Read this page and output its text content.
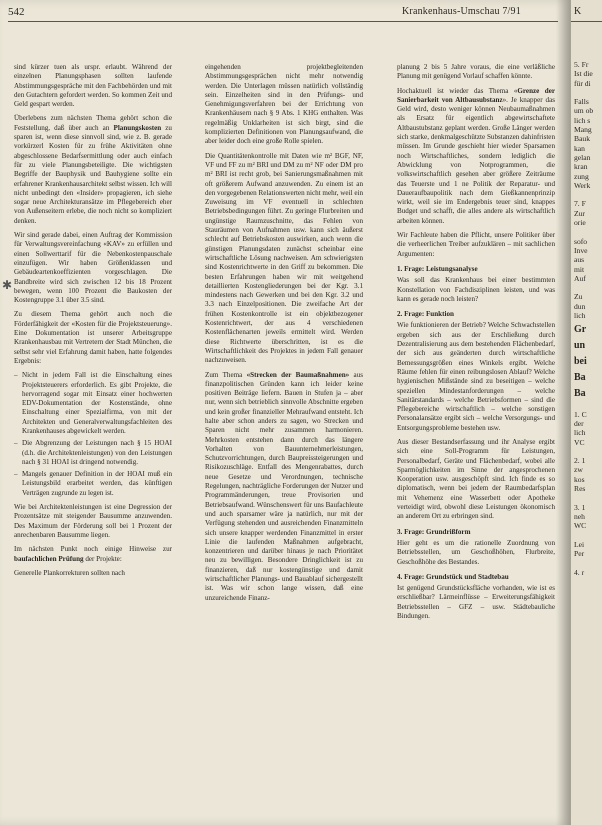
542	Krankenhaus-Umschau 7/91
✱

sind kürzer tuen als urspr. erlaubt. Während der einzelnen Planungsphasen sollten laufende Abstimmungsgespräche mit den Fachbehörden und mit den Gutachtern gefordert werden. So kommen Zeit und Geld gespart werden.

Überlebens zum nächsten Thema gehört schon die Feststellung, daß über auch an Planungskosten zu sparen ist, wenn diese sinnvoll sind, wie z. B. gerade vorkürzerl Kosten für zu frühe Aktivitäten ohne abgeschlossene Bedarfsermittlung oder auch einfach für zu viele Planungsbeteiligte. Die wichtigsten Begriffe der Bauphysik und Bauhygiene sollte ein erfahrener Krankenhausarchitekt selbst wissen. Ich will nicht unbedingt den «Insider» propagieren, ich siehe sogar neue Architekturansätze im Pflegebereich eher von Außenseitern erlebe, die noch nicht so kompliziert denken.

Wir sind gerade dabei, einen Auftrag der Kommission für Verwaltungsvereinfachung «KAV» zu erfüllen und einen Sollwerttarif für die Nebenkostenpauschale einzufügen. Wir haben Größenklassen und Gebäudeartenkoeffizienten vorgeschlagen. Die Bandbreite wird sich zwischen 12 bis 18 Prozent bewegen, wenn 100 Prozent die Baukosten der Kostengruppe 3.1 über 3.5 sind.

Zu diesem Thema gehört auch noch die Förderfähigkeit der «Kosten für die Projektsteuerung». Eine Dokumentation ist unserer Arbeitsgruppe Krankenhausbau mit Vertretern der Stadt München, die selbst sehr viel Erfahrung damit haben, hatte folgendes Ergebnis:

– Nicht in jedem Fall ist die Einschaltung eines Projektsteuerers erforderlich. Es gibt Projekte, die hervorragend sogar mit Einsatz einer hochwerten EDV-Dokumentation der Kostenstände, ohne Einschaltung einer Spezialfirma, von mit der Architekten und Generalverwaltungsfachleiten des Krankenhauses abgewickelt werden.
– Die Abgrenzung der Leistungen nach § 15 HOAI (d.h. die Architektenleistungen) von den Leistungen nach § 31 HOAI ist dringend notwendig.
– Mangels genauer Definition in der HOAI muß ein Leistungsbild erarbeitet werden, das künftigen Verträgen zugrunde zu legen ist.

Wie bei Architektenleistungen ist eine Degression der Prozentsätze mit steigender Bausumme anzuwenden. Des Maximum der Förderung soll bei 1 Prozent der anrechenbaren Bausumme liegen.

Im nächsten Punkt noch einige Hinweise zur baufachlichen Prüfung der Projekte:

Generelle Plankorrekturen sollten nach

eingehenden projektbegleitenden Abstimmungsgesprächen nicht mehr notwendig werden. Die Unterlagen müssen natürlich vollständig sein. Einzelheiten sind in den Prüfungs- und Genehmigungsverfahren bei der Errichtung von Krankenhäusern nach § 9 Abs. 1 KHG enthalten. Was regelmäßig Unklarheiten ist sich birgt, sind die komplizierten Definitionen von Planungsaufwand, die aber leider doch eine große Rolle spielen.

Die Quantitätenkontrolle mit Daten wie m² BGF, NF, VF und FF zu m² BRI und DM zu m² NF oder DM pro m² BRI ist recht grob, bei Sanierungsmaßnahmen mit oft größerem Aufwand anzuwenden. Zu einem ist an den vorgegebenen Relationswerten nicht mehr, weil ein Zuweisung im VF eventuell in schlechten Betriebsbedingungen führt. Zu geringe Flurbreiten und ungünstige Raumzuschnitte, das Fehlen von Stauräumen von Aufnahmen usw. kann sich äußerst schlecht auf Betriebskosten auswirken, auch wenn die günstigen Planungsdaten zunächst scheinbar eine wirtschaftliche Lösung nachweisen. Am schwierigsten sind Kostenrichtwerte in den Griff zu bekommen. Die besten Erfahrungen haben wir mit weitgehend detaillierten Kostengliederungen bei der Kgr. 3.1 mindestens nach Gewerken und bei den Kgr. 3.2 und 3.3 nach Einzelpositionen. Die zweifache Art der frühen Kostenkontrolle ist ein objektbezogener Kostenrichtwert, der aus 4 verschiedenen Kostenflächenarten jeweils ermittelt wird. Werden diese Richtwerte überschritten, ist es die Wirtschaftlichkeit des Projektes in jedem Fall genauer nachzuweisen.

Zum Thema «Strecken der Baumaßnahmen» aus finanzpolitischen Gründen kann ich leider keine positiven Beiträge liefern. Bauen in Stufen ja – aber nur, wenn sich betrieblich sinnvolle Abschnitte ergeben und kein großer finanzieller Mehraufwand entsteht. Ich halte aber schon anders zu sagen, wo Strecken und Sparen nicht mehr zusammen harmonieren. Mehrkosten entstehen dann durch das längere Vorhalten von Bauunternehmerleistungen, Schutzvorrichtungen, durch Baupreissteigerungen und Risikozuschläge. Entfall des Mengenrabattes, durch neue Gesetze und Verordnungen, technische Regelungen, nachträgliche Forderungen der Nutzer und Programmänderungen, treue Provisorien und Betriebsaufwand. Wünschenswert für uns Baufachleute und auch sparsamer wäre ja natürlich, nur mit der Verfügung stehenden und ausreichenden Finanzmitteln sich unsere knapper werdenden Finanzmittel in erster Linie die laufenden Maßnahmen aufgebracht, konzentrieren und darüber hinaus je nach Prioritätet neu zu bewilligen. Besondere Dringlichkeit ist zu finanzieren, daß nur kostengünstige und damit wirtschaftlicher Planungs- und Bauablauf sichergestellt ist. Was wir schon lange wissen, daß eine unzureichende Finanz-

planung 2 bis 5 Jahre voraus, die eine verläßliche Planung mit genügend Vorlauf schaffen könnte.

Hochaktuell ist wieder das Thema «Grenze der Sanierbarkeit von Altbausubstanz». Je knapper das Geld wird, desto weniger können Neubaumaßnahmen als Ersatz für eigentlich abgewirtschaftete Altbaustubstanz geplant werden. Große Länger werden sich starke, denkmalgeschützte Substanzen dahinfristen müssen. Im Grunde geschieht hier wieder Sparsamen noch Wirtschaftliches, sondern lediglich die Abwicklung von Notprogrammen, die volkswirtschaftlich gesehen aber größere Zeiträume das Teuerste und 1 ne Politik der Reparatur- und Daueraufbaupolitik nach dem Gießkannenprinzip wirkt, weil sie im Endergebnis teuer sind, knappes Budget und schafft, die alles andere als wirtschaftlich arbeiten können.

Wir Fachleute haben die Pflicht, unsere Politiker über die verheerlichen Treiber aufzuklären – mit sachlichen Argumenten:

1. Frage: Leistungsanalyse

Was soll das Krankenhaus bei einer bestimmten Konstellation von Fachdisziplinen leisten, und was kann es gerade noch leisten?

2. Frage: Funktion

Wie funktionieren der Betrieb? Welche Schwachstellen ergeben sich aus der Erschließung durch Dezentralisierung aus dem bestehenden Flächenbedarf, der sich aus geänderten durch wirtschaftliche Bemessungsgrößen eines Winkels ergibt. Welche Räume fehlen für einen reibungslosen Ablauf? Welche hygienischen Mißstände sind zu beseitigen – welche speziellen Mindestanforderungen – welche Sanitärstandards – welche Betriebsformen – sind die Pflegebereiche wirtschaftlich – welche sonstigen Personalansätze ergibt sich – welche Versorgungs- und Entsorgungsprobleme bestehen usw.

Aus dieser Bestandserfassung und ihr Analyse ergibt sich eine Soll-Programm für Leistungen, Personalbedarf, Geräte und Flächenbedarf, wobei alle Sparmöglichkeiten im Sinne der angesprochenen Kooperation usw. ausgeschöpft sind. Ich finde es so diplomatisch, wenn bei jedem der Raumbedarfsplan mit Vehemenz eine Wasserbett oder Apotheke verteidigt wird, obwohl diese Leistungen ökonomisch an anderem Ort zu erbringen sind.

3. Frage: Grundrißform

Hier geht es um die rationelle Zuordnung von Betriebsstellen, um Geschoßhöhen, Flurbreite, Geschoßhöhe des Bestandes.

4. Frage: Grundstück und Stadtebau

Ist genügend Grundstücksfläche vorhanden, wie ist es erschließbar? Lärmeinflüsse – Erweiterungsfähigkeit Betriebsstellen – GFZ – usw. Städtebauliche Bindungen.

K
5. Fr
Ist die
für di

Falls
um ob
lich s
Mang
Bauk
kan
gelan
kran
zung
Werk

7. F
Zur
orie

sofo
Inve
aus
mit
Auf

Zu
dun
lich
Gr
un
bei
Ba
Ba

1. C
der
lich
VC

2. 1
zw
kos
Res

3. 1
neh
WC

Lei
Per

4. r
